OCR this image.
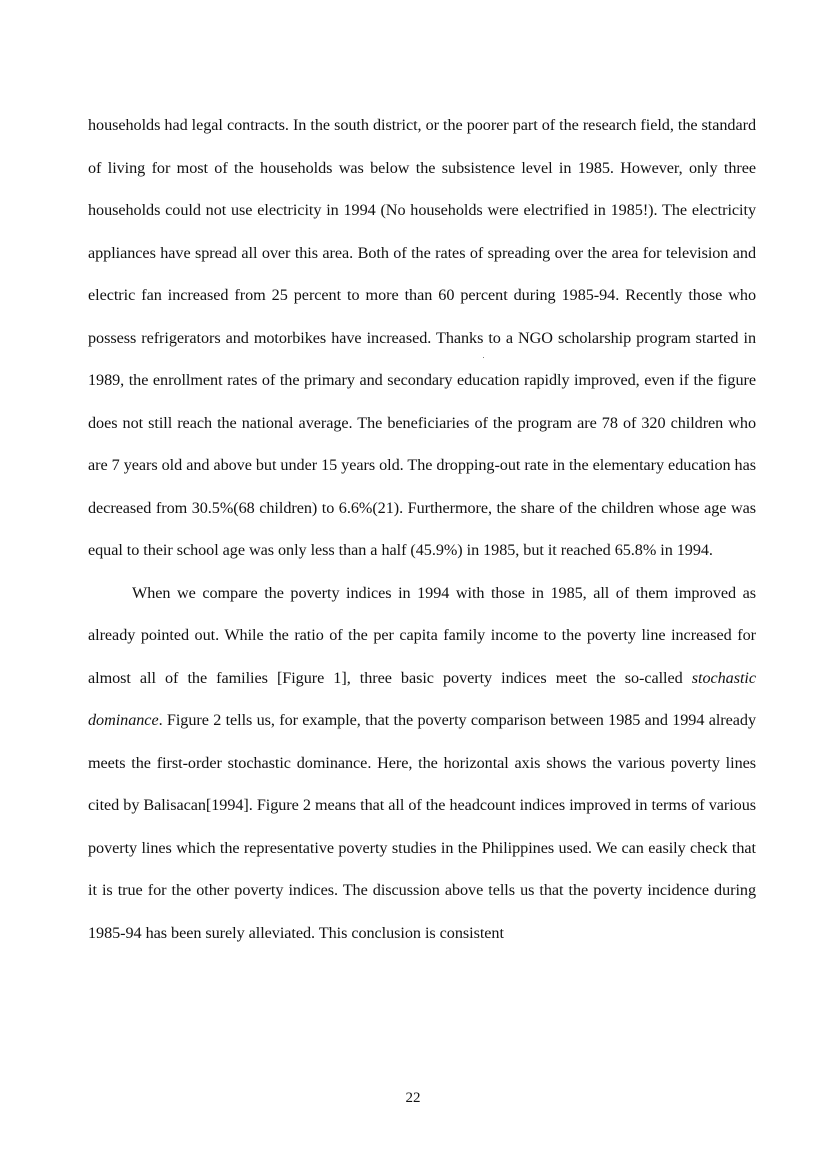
households had legal contracts. In the south district, or the poorer part of the research field, the standard of living for most of the households was below the subsistence level in 1985. However, only three households could not use electricity in 1994 (No households were electrified in 1985!). The electricity appliances have spread all over this area. Both of the rates of spreading over the area for television and electric fan increased from 25 percent to more than 60 percent during 1985-94. Recently those who possess refrigerators and motorbikes have increased. Thanks to a NGO scholarship program started in 1989, the enrollment rates of the primary and secondary education rapidly improved, even if the figure does not still reach the national average. The beneficiaries of the program are 78 of 320 children who are 7 years old and above but under 15 years old. The dropping-out rate in the elementary education has decreased from 30.5%(68 children) to 6.6%(21). Furthermore, the share of the children whose age was equal to their school age was only less than a half (45.9%) in 1985, but it reached 65.8% in 1994.

When we compare the poverty indices in 1994 with those in 1985, all of them improved as already pointed out. While the ratio of the per capita family income to the poverty line increased for almost all of the families [Figure 1], three basic poverty indices meet the so-called stochastic dominance. Figure 2 tells us, for example, that the poverty comparison between 1985 and 1994 already meets the first-order stochastic dominance. Here, the horizontal axis shows the various poverty lines cited by Balisacan[1994]. Figure 2 means that all of the headcount indices improved in terms of various poverty lines which the representative poverty studies in the Philippines used. We can easily check that it is true for the other poverty indices. The discussion above tells us that the poverty incidence during 1985-94 has been surely alleviated. This conclusion is consistent

22
